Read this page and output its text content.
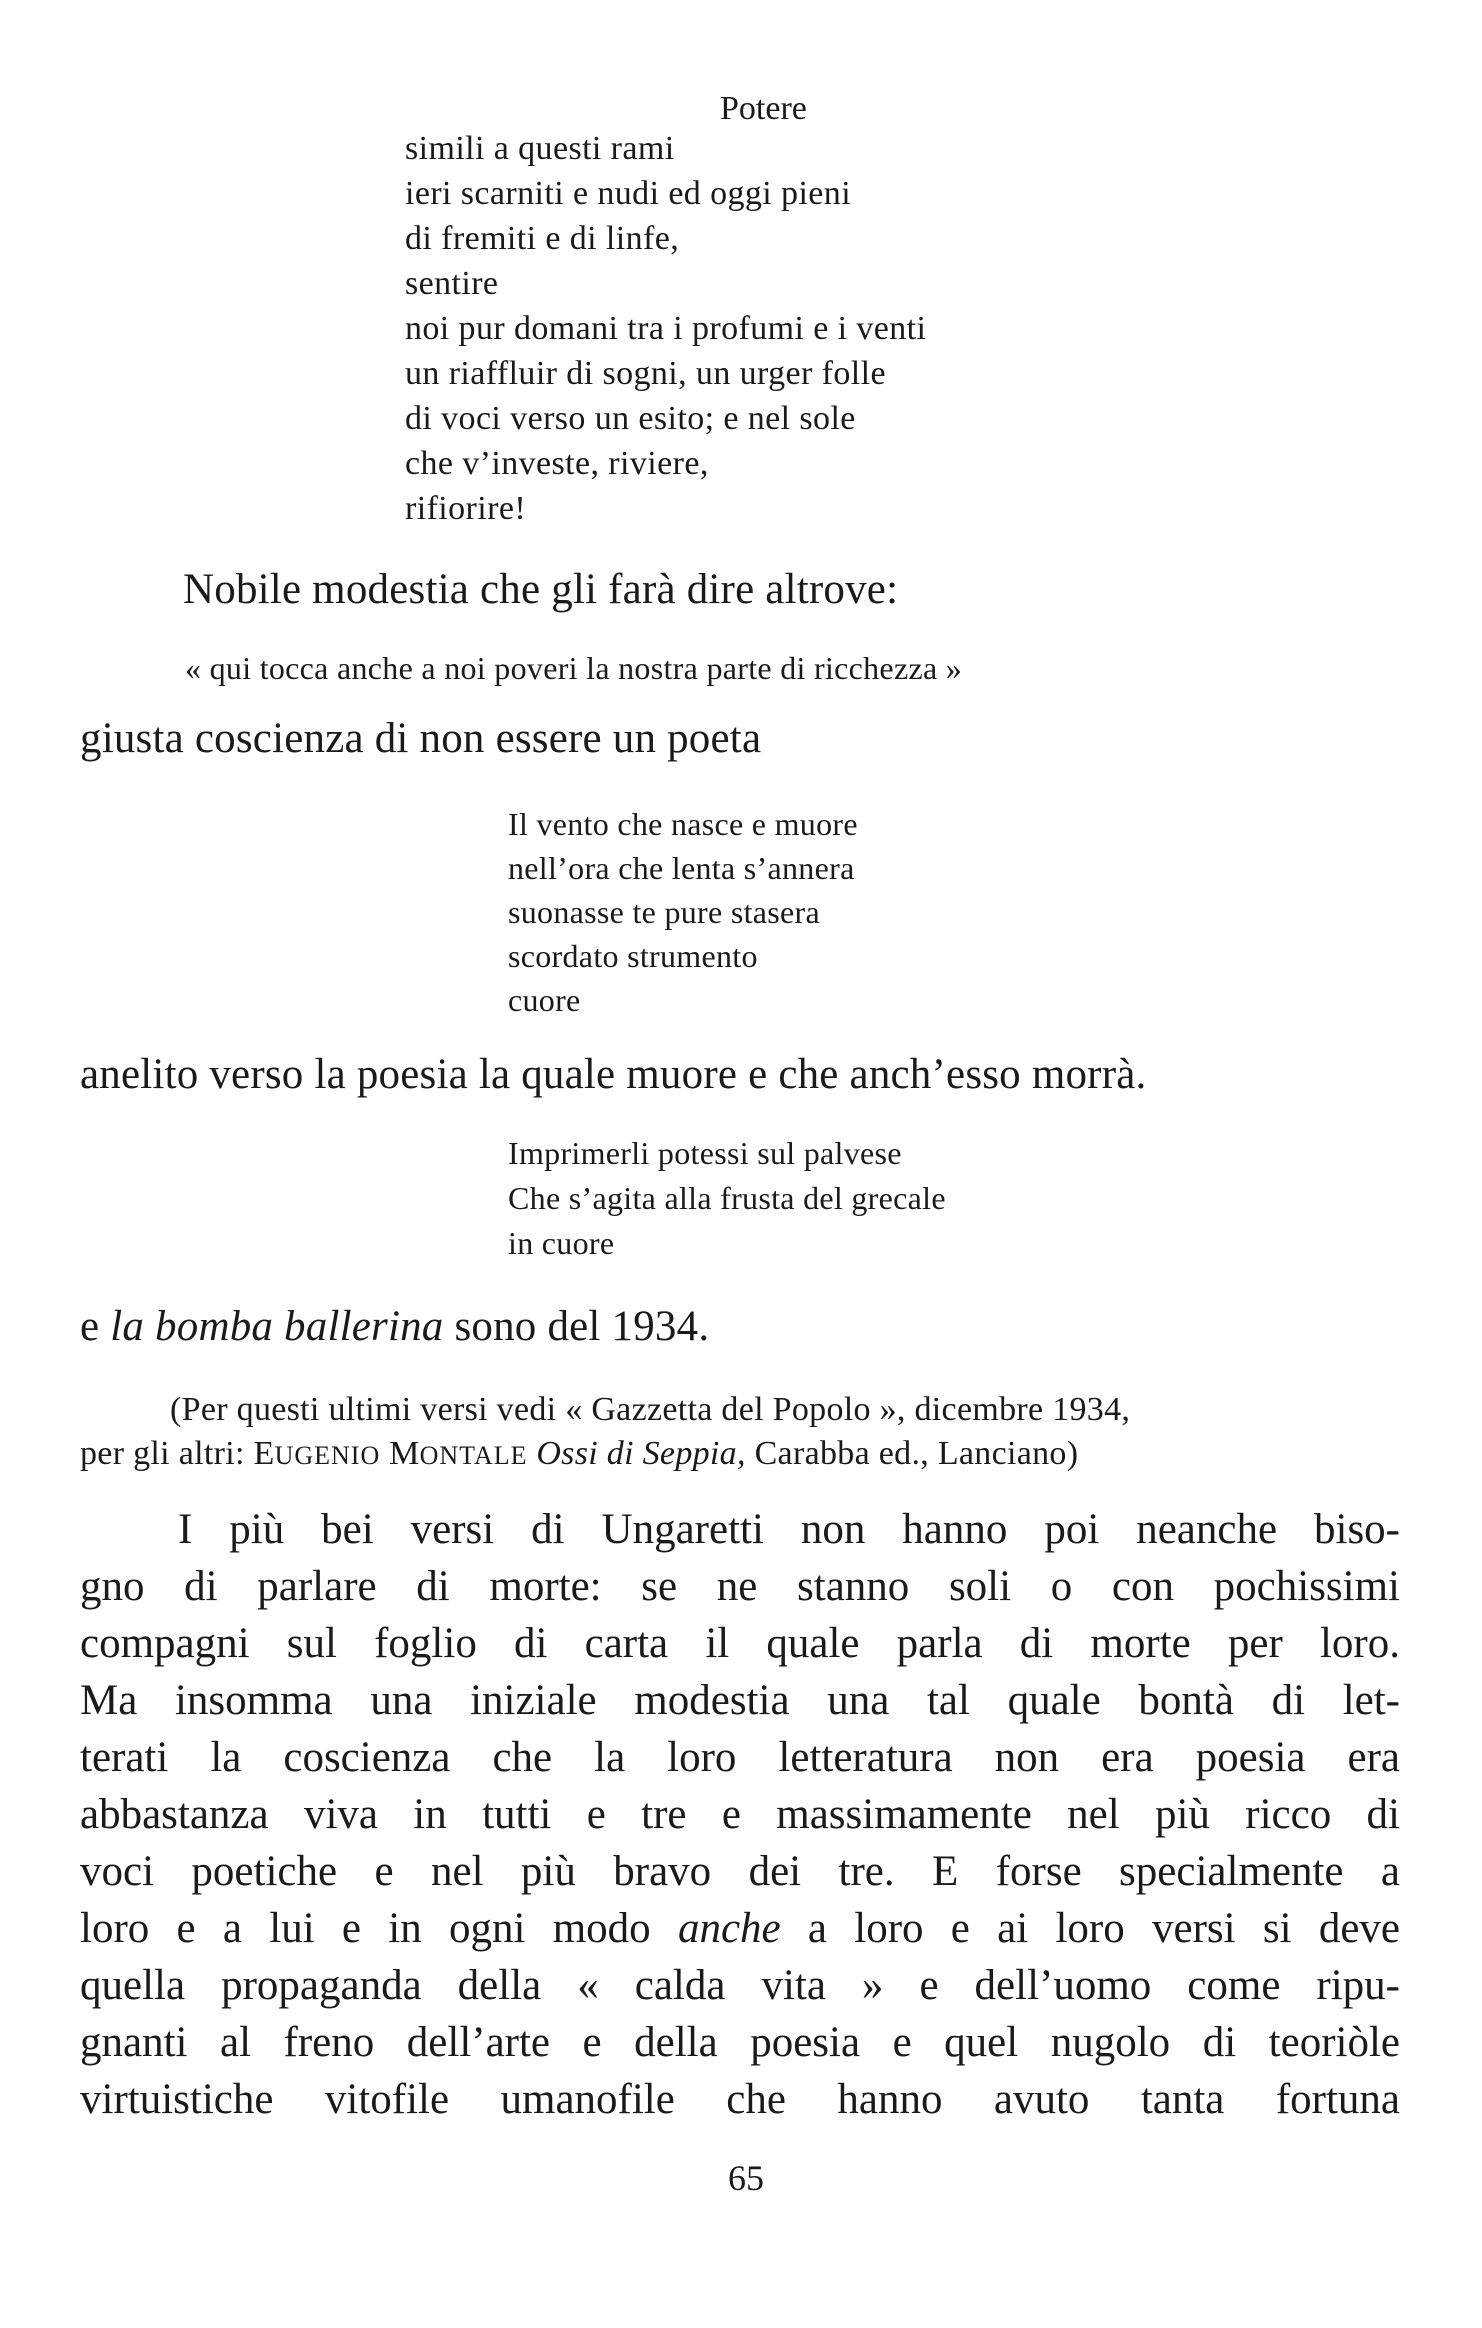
Potere
simili a questi rami
ieri scarniti e nudi ed oggi pieni
di fremiti e di linfe,
sentire
noi pur domani tra i profumi e i venti
un riaffluir di sogni, un urger folle
di voci verso un esito; e nel sole
che v’investe, riviere,
rifiorire!
Nobile modestia che gli farà dire altrove:
« qui tocca anche a noi poveri la nostra parte di ricchezza »
giusta coscienza di non essere un poeta
Il vento che nasce e muore
nell’ora che lenta s’annera
suonasse te pure stasera
scordato strumento
cuore
anelito verso la poesia la quale muore e che anch’esso morrà.
Imprimerli potessi sul palvese
Che s’agita alla frusta del grecale
in cuore
e la bomba ballerina sono del 1934.
(Per questi ultimi versi vedi « Gazzetta del Popolo », dicembre 1934,
per gli altri: EUGENIO MONTALE Ossi di Seppia, Carabba ed., Lanciano)
I più bei versi di Ungaretti non hanno poi neanche biso-
gno di parlare di morte: se ne stanno soli o con pochissimi
compagni sul foglio di carta il quale parla di morte per loro.
Ma insomma una iniziale modestia una tal quale bontà di let-
terati la coscienza che la loro letteratura non era poesia era
abbastanza viva in tutti e tre e massimamente nel più ricco di
voci poetiche e nel più bravo dei tre. E forse specialmente a
loro e a lui e in ogni modo anche a loro e ai loro versi si deve
quella propaganda della « calda vita » e dell’uomo come ripu-
gnanti al freno dell’arte e della poesia e quel nugolo di teoriòle
virtuistiche vitofile umanofile che hanno avuto tanta fortuna
65
